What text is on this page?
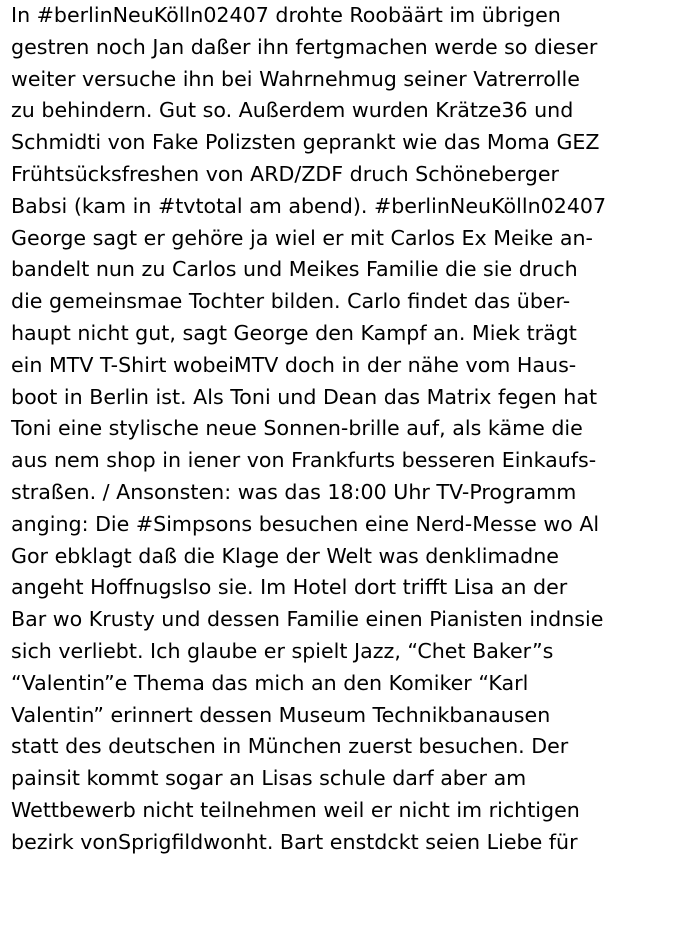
In #berlinNeuKölln02407 drohte Roobäärt im übrigen
gestren noch Jan daßer ihn fertgmachen werde so dieser
weiter versuche ihn bei Wahrnehmug seiner Vatrerrolle
zu behindern. Gut so. Außerdem wurden Krätze36 und
Schmidti von Fake Polizsten geprankt wie das Moma GEZ
Frühtsücksfreshen von ARD/ZDF druch Schöneberger
Babsi (kam in #tvtotal am abend). #berlinNeuKölln02407
George sagt er gehöre ja wiel er mit Carlos Ex Meike an-
bandelt nun zu Carlos und Meikes Familie die sie druch
die gemeinsmae Tochter bilden. Carlo findet das über-
haupt nicht gut, sagt George den Kampf an. Miek trägt
ein MTV T-Shirt wobeiMTV doch in der nähe vom Haus-
boot in Berlin ist. Als Toni und Dean das Matrix fegen hat
Toni eine stylische neue Sonnen-brille auf, als käme die
aus nem shop in iener von Frankfurts besseren Einkaufs-
straßen. / Ansonsten: was das 18:00 Uhr TV-Programm
anging: Die #Simpsons besuchen eine Nerd-Messe wo Al
Gor ebklagt daß die Klage der Welt was denklimadne
angeht Hoffnugslso sie. Im Hotel dort trifft Lisa an der
Bar wo Krusty und dessen Familie einen Pianisten indnsie
sich verliebt. Ich glaube er spielt Jazz, “Chet Baker”s
“Valentin”e Thema das mich an den Komiker “Karl
Valentin” erinnert dessen Museum Technikbanausen
statt des deutschen in München zuerst besuchen. Der
painsit kommt sogar an Lisas schule darf aber am
Wettbewerb nicht teilnehmen weil er nicht im richtigen
bezirk vonSprigfildwonht. Bart enstdckt seien Liebe für
